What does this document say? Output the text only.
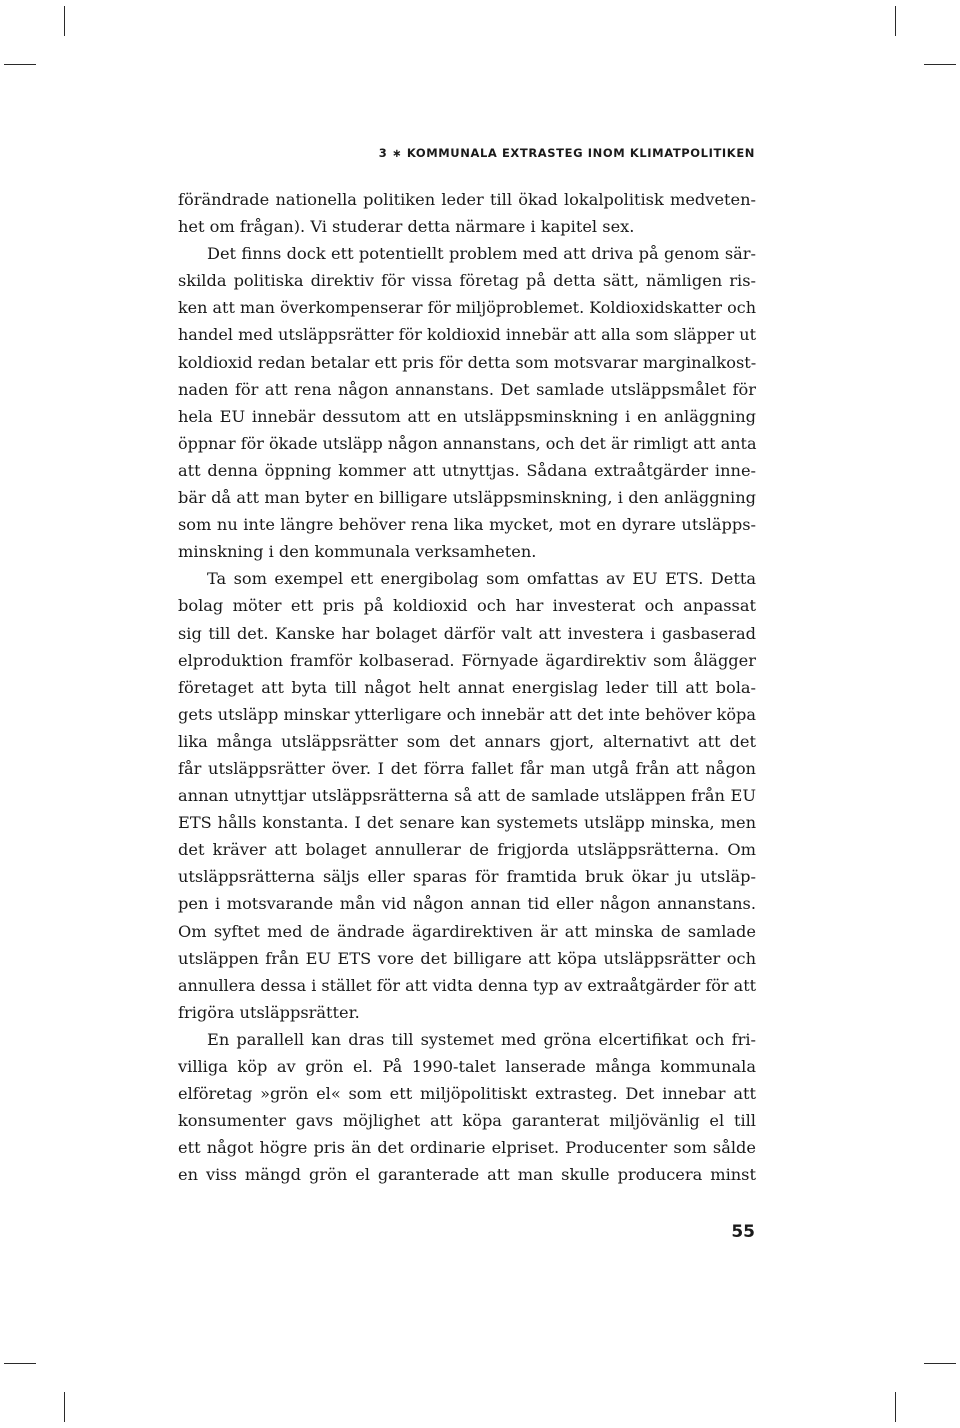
3 ∗ KOMMUNALA EXTRASTEG INOM KLIMATPOLITIKEN
förändrade nationella politiken leder till ökad lokalpolitisk medveten-
het om frågan). Vi studerar detta närmare i kapitel sex.
Det finns dock ett potentiellt problem med att driva på genom sär-
skilda politiska direktiv för vissa företag på detta sätt, nämligen ris-
ken att man överkompenserar för miljöproblemet. Koldioxidskatter och
handel med utsläppsrätter för koldioxid innebär att alla som släpper ut
koldioxid redan betalar ett pris för detta som motsvarar marginalkost-
naden för att rena någon annanstans. Det samlade utsläppsmålet för
hela EU innebär dessutom att en utsläppsminskning i en anläggning
öppnar för ökade utsläpp någon annanstans, och det är rimligt att anta
att denna öppning kommer att utnyttjas. Sådana extraåtgärder inne-
bär då att man byter en billigare utsläppsminskning, i den anläggning
som nu inte längre behöver rena lika mycket, mot en dyrare utsläpps-
minskning i den kommunala verksamheten.
Ta som exempel ett energibolag som omfattas av EU ETS. Detta
bolag möter ett pris på koldioxid och har investerat och anpassat
sig till det. Kanske har bolaget därför valt att investera i gasbaserad
elproduktion framför kolbaserad. Förnyade ägardirektiv som ålägger
företaget att byta till något helt annat energislag leder till att bola-
gets utsläpp minskar ytterligare och innebär att det inte behöver köpa
lika många utsläppsrätter som det annars gjort, alternativt att det
får utsläppsrätter över. I det förra fallet får man utgå från att någon
annan utnyttjar utsläppsrätterna så att de samlade utsläppen från EU
ETS hålls konstanta. I det senare kan systemets utsläpp minska, men
det kräver att bolaget annullerar de frigjorda utsläppsrätterna. Om
utsläppsrätterna säljs eller sparas för framtida bruk ökar ju utsläp-
pen i motsvarande mån vid någon annan tid eller någon annanstans.
Om syftet med de ändrade ägardirektiven är att minska de samlade
utsläppen från EU ETS vore det billigare att köpa utsläppsrätter och
annullera dessa i stället för att vidta denna typ av extraåtgärder för att
frigöra utsläppsrätter.
En parallell kan dras till systemet med gröna elcertifikat och fri-
villiga köp av grön el. På 1990-talet lanserade många kommunala
elföretag »grön el« som ett miljöpolitiskt extrasteg. Det innebar att
konsumenter gavs möjlighet att köpa garanterat miljövänlig el till
ett något högre pris än det ordinarie elpriset. Producenter som sålde
en viss mängd grön el garanterade att man skulle producera minst
55
